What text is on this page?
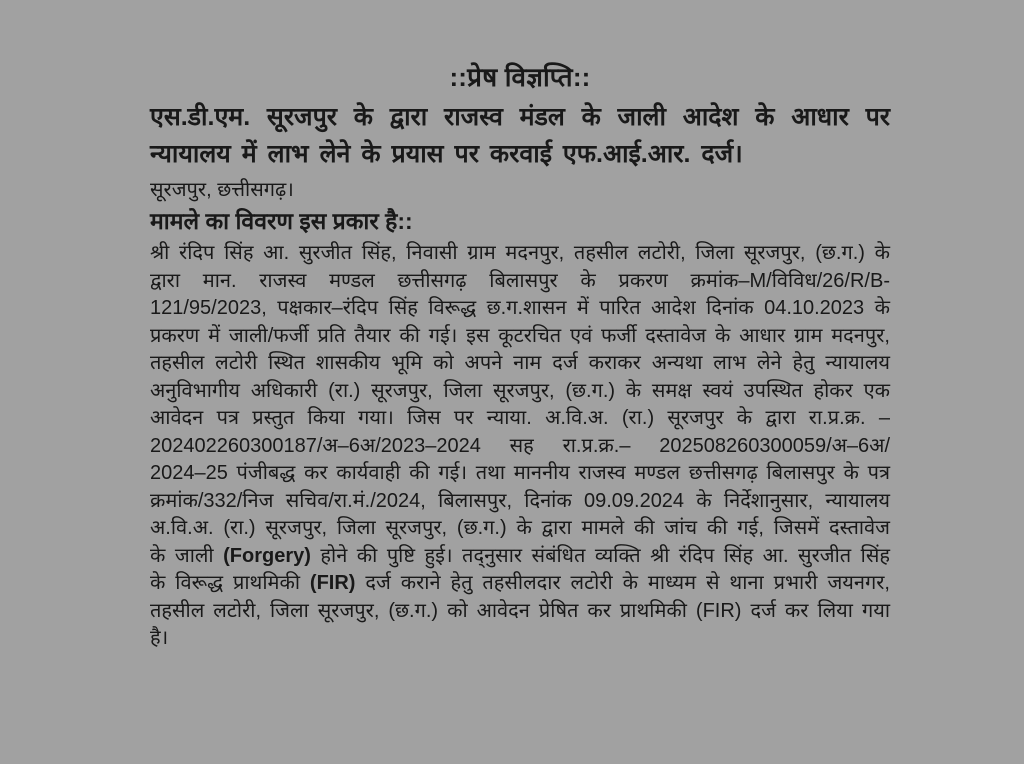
::प्रेष विज्ञप्ति::
एस.डी.एम. सूरजपुर के द्वारा राजस्व मंडल के जाली आदेश के आधार पर न्यायालय में लाभ लेने के प्रयास पर करवाई एफ.आई.आर. दर्ज।
सूरजपुर, छत्तीसगढ़।
मामले का विवरण इस प्रकार है::

श्री रंदिप सिंह आ. सुरजीत सिंह, निवासी ग्राम मदनपुर, तहसील लटोरी, जिला सूरजपुर, (छ.ग.) के द्वारा मान. राजस्व मण्डल छत्तीसगढ़ बिलासपुर के प्रकरण क्रमांक–M/विविध/26/R/B-121/95/2023, पक्षकार–रंदिप सिंह विरूद्ध छ.ग.शासन में पारित आदेश दिनांक 04.10.2023 के प्रकरण में जाली/फर्जी प्रति तैयार की गई। इस कूटरचित एवं फर्जी दस्तावेज के आधार ग्राम मदनपुर, तहसील लटोरी स्थित शासकीय भूमि को अपने नाम दर्ज कराकर अन्यथा लाभ लेने हेतु न्यायालय अनुविभागीय अधिकारी (रा.) सूरजपुर, जिला सूरजपुर, (छ.ग.) के समक्ष स्वयं उपस्थित होकर एक आवेदन पत्र प्रस्तुत किया गया। जिस पर न्याया. अ.वि.अ. (रा.) सूरजपुर के द्वारा रा.प्र.क्र. –202402260300187/अ–6अ/2023–2024 सह रा.प्र.क्र.– 202508260300059/अ–6अ/ 2024–25 पंजीबद्ध कर कार्यवाही की गई। तथा माननीय राजस्व मण्डल छत्तीसगढ़ बिलासपुर के पत्र क्रमांक/332/निज सचिव/रा.मं./2024, बिलासपुर, दिनांक 09.09.2024 के निर्देशानुसार, न्यायालय अ.वि.अ. (रा.) सूरजपुर, जिला सूरजपुर, (छ.ग.) के द्वारा मामले की जांच की गई, जिसमें दस्तावेज के जाली (Forgery) होने की पुष्टि हुई। तद्नुसार संबंधित व्यक्ति श्री रंदिप सिंह आ. सुरजीत सिंह के विरूद्ध प्राथमिकी (FIR) दर्ज कराने हेतु तहसीलदार लटोरी के माध्यम से थाना प्रभारी जयनगर, तहसील लटोरी, जिला सूरजपुर, (छ.ग.) को आवेदन प्रेषित कर प्राथमिकी (FIR) दर्ज कर लिया गया है।
